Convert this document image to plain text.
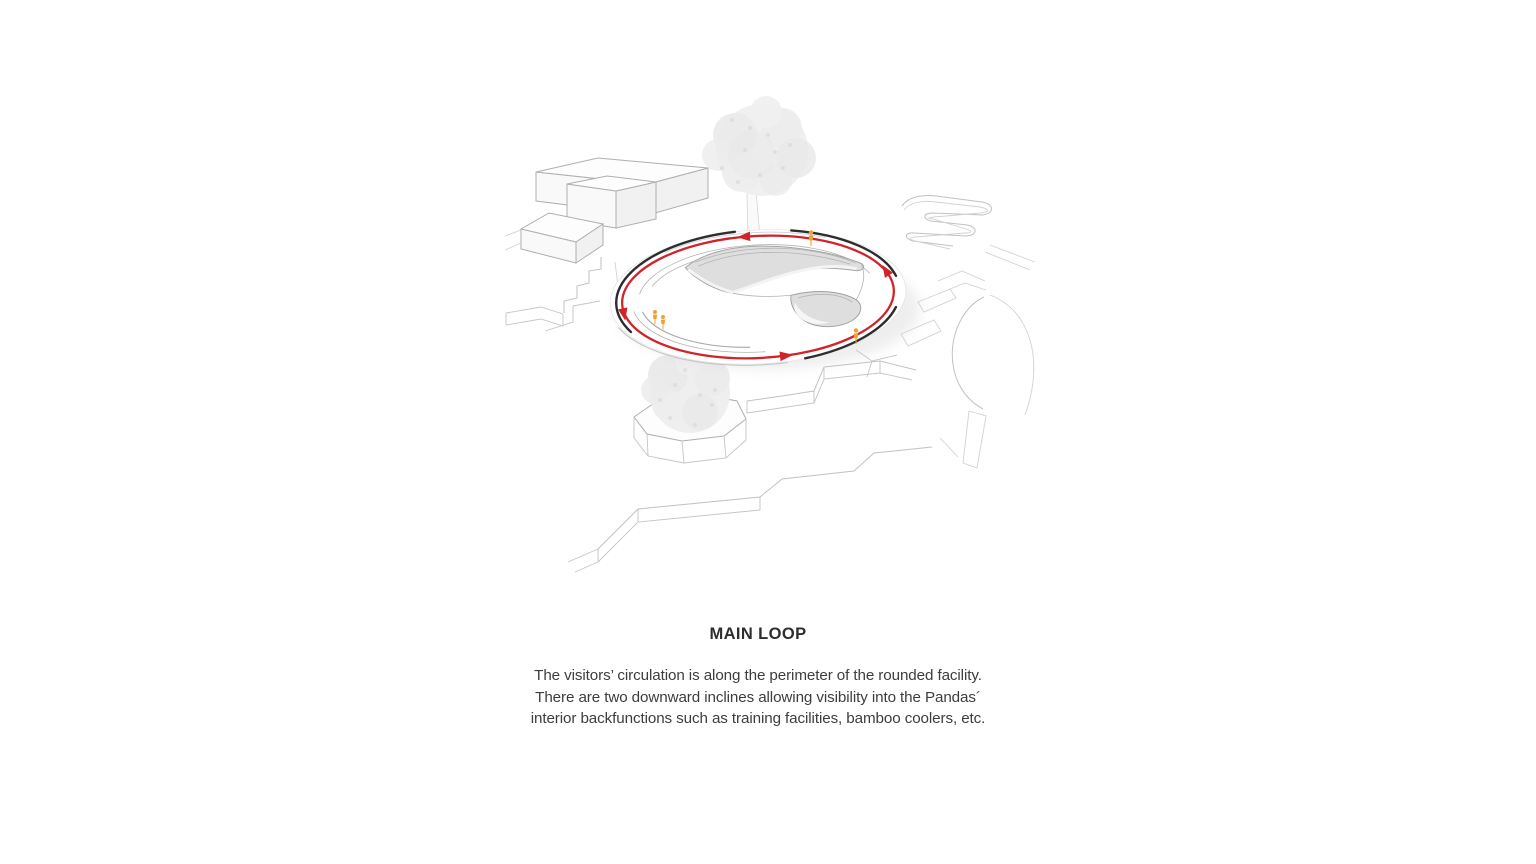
MAIN LOOP

The visitors’ circulation is along the perimeter of the rounded facility.
There are two downward inclines allowing visibility into the Pandas´
interior backfunctions such as training facilities, bamboo coolers, etc.
